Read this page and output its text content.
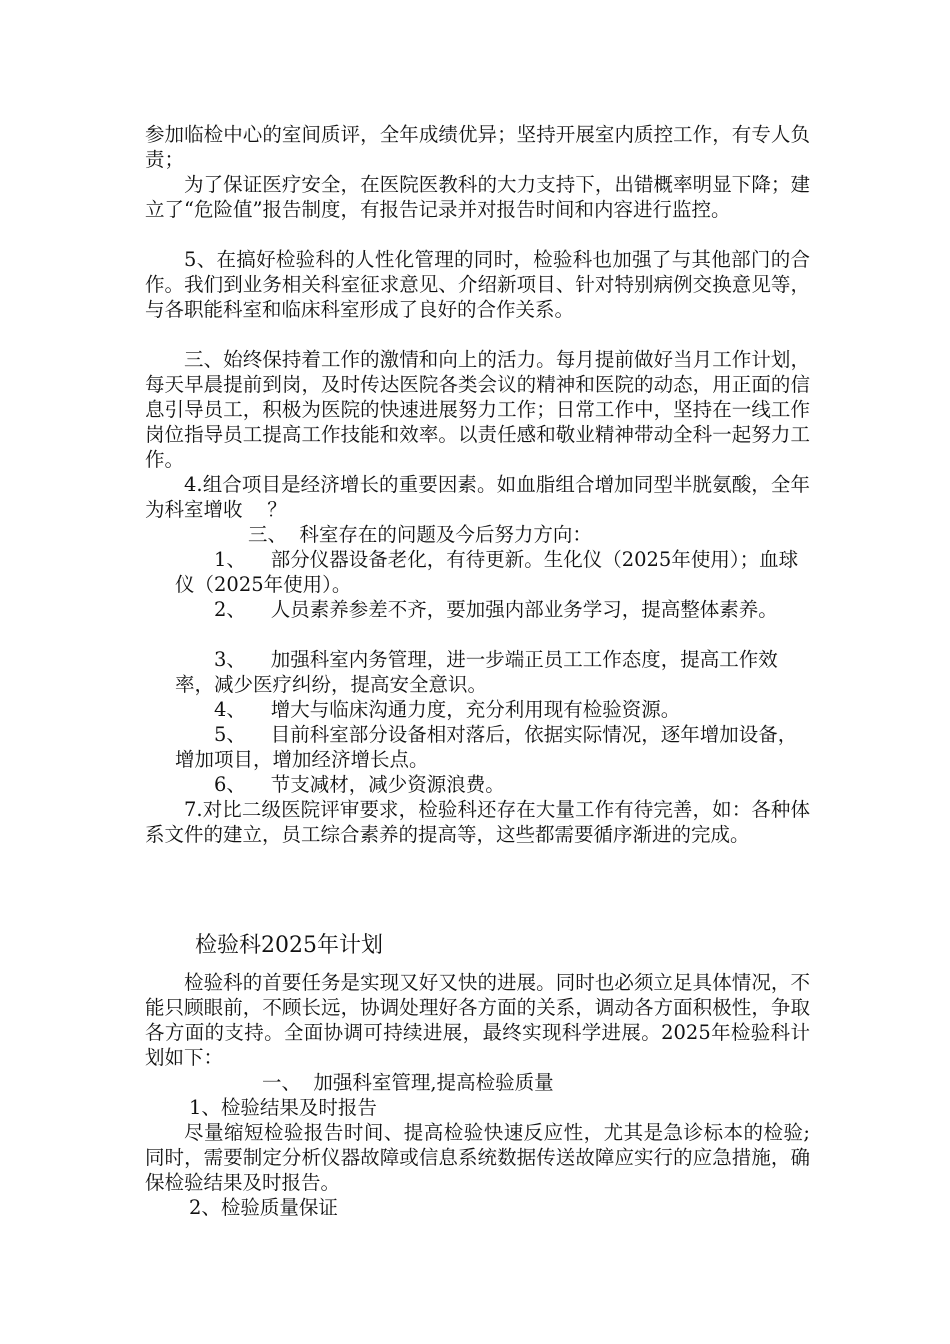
参加临检中心的室间质评，全年成绩优异；坚持开展室内质控工作，有专人负责；

为了保证医疗安全，在医院医教科的大力支持下，出错概率明显下降；建立了“危险值”报告制度，有报告记录并对报告时间和内容进行监控。

5、在搞好检验科的人性化管理的同时，检验科也加强了与其他部门的合作。我们到业务相关科室征求意见、介绍新项目、针对特别病例交换意见等，与各职能科室和临床科室形成了良好的合作关系。

三、始终保持着工作的激情和向上的活力。每月提前做好当月工作计划，每天早晨提前到岗，及时传达医院各类会议的精神和医院的动态，用正面的信息引导员工，积极为医院的快速进展努力工作；日常工作中，坚持在一线工作岗位指导员工提高工作技能和效率。以责任感和敬业精神带动全科一起努力工作。

4.组合项目是经济增长的重要因素。如血脂组合增加同型半胱氨酸，全年为科室增收    ？

三、  科室存在的问题及今后努力方向：

1、    部分仪器设备老化，有待更新。生化仪（2025年使用）；血球仪（2025年使用）。

2、    人员素养参差不齐，要加强内部业务学习，提高整体素养。

3、    加强科室内务管理，进一步端正员工工作态度，提高工作效率，减少医疗纠纷，提高安全意识。

4、    增大与临床沟通力度，充分利用现有检验资源。

5、    目前科室部分设备相对落后，依据实际情况，逐年增加设备，增加项目，增加经济增长点。

6、    节支减材，减少资源浪费。

7.对比二级医院评审要求，检验科还存在大量工作有待完善，如：各种体系文件的建立，员工综合素养的提高等，这些都需要循序渐进的完成。

检验科2025年计划

检验科的首要任务是实现又好又快的进展。同时也必须立足具体情况，不能只顾眼前，不顾长远，协调处理好各方面的关系，调动各方面积极性，争取各方面的支持。全面协调可持续进展，最终实现科学进展。2025年检验科计划如下：

一、  加强科室管理,提高检验质量
1、检验结果及时报告

尽量缩短检验报告时间、提高检验快速反应性，尤其是急诊标本的检验;同时，需要制定分析仪器故障或信息系统数据传送故障应实行的应急措施，确保检验结果及时报告。

2、检验质量保证
